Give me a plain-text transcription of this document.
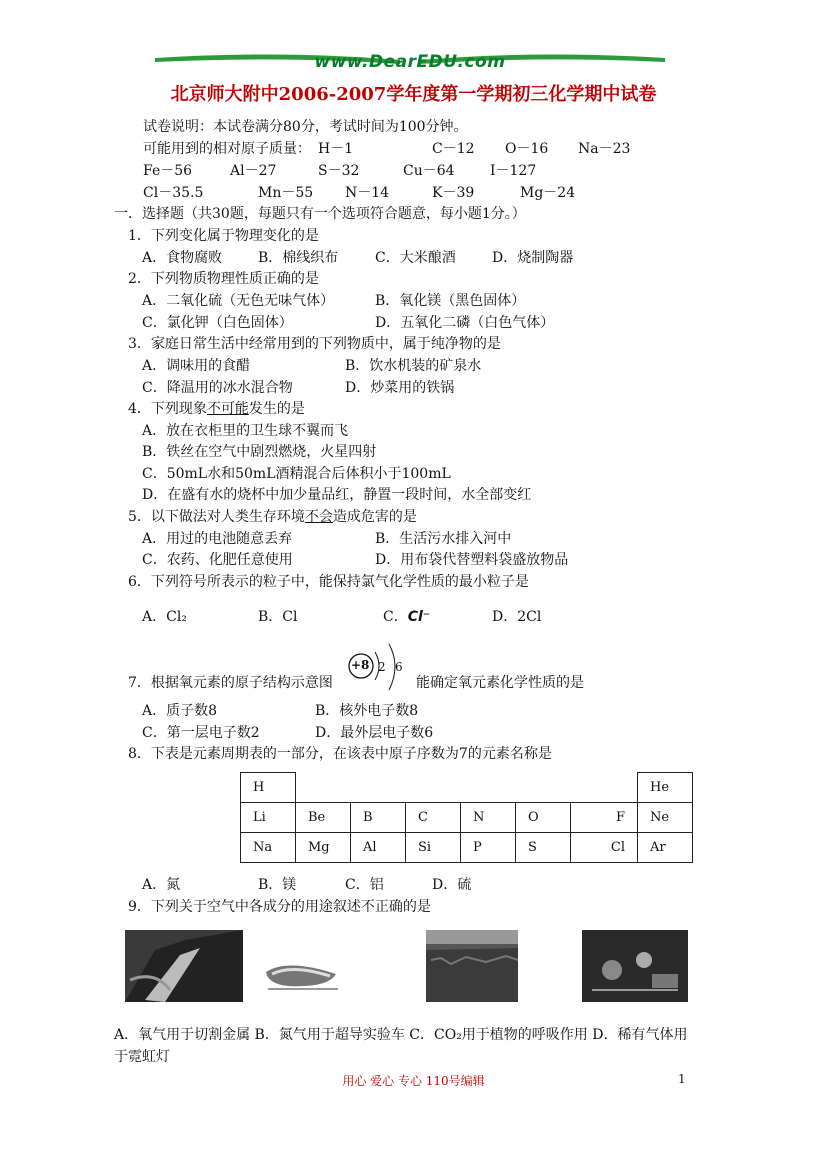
www.DearEDU.com
北京师大附中2006-2007学年度第一学期初三化学期中试卷
试卷说明：本试卷满分80分，考试时间为100分钟。
可能用到的相对原子质量： H－1	C－12 O－16 Na－23
Fe－56	Al－27	S－32	Cu－64	I－127
Cl－35.5	Mn－55 N－14	K－39	Mg－24
一．选择题（共30题，每题只有一个选项符合题意，每小题1分。）
1．下列变化属于物理变化的是
A．食物腐败	B．棉线织布	C．大米酿酒	D．烧制陶器
2．下列物质物理性质正确的是
A．二氧化硫（无色无味气体）	B．氧化镁（黑色固体）
C．氯化钾（白色固体）	D．五氧化二磷（白色气体）
3．家庭日常生活中经常用到的下列物质中，属于纯净物的是
A．调味用的食醋	B．饮水机装的矿泉水
C．降温用的冰水混合物	D．炒菜用的铁锅
4．下列现象不可能发生的是
A．放在衣柜里的卫生球不翼而飞
B．铁丝在空气中剧烈燃烧，火星四射
C．50mL水和50mL酒精混合后体积小于100mL
D．在盛有水的烧杯中加少量品红，静置一段时间，水全部变红
5．以下做法对人类生存环境不会造成危害的是
A．用过的电池随意丢弃	B．生活污水排入河中
C．农药、化肥任意使用	D．用布袋代替塑料袋盛放物品
6．下列符号所表示的粒子中，能保持氯气化学性质的最小粒子是
A．Cl₂	B．Cl	C．Cl⁻	D．2Cl
7．根据氧元素的原子结构示意图
+8 2 6
能确定氧元素化学性质的是
A．质子数8	B．核外电子数8
C．第一层电子数2	D．最外层电子数6
8．下表是元素周期表的一部分，在该表中原子序数为7的元素名称是
H							He
Li	Be	B	C	N	O	F	Ne
Na	Mg	Al	Si	P	S	Cl	Ar
A．氮	B．镁	C．铝	D．硫
9．下列关于空气中各成分的用途叙述不正确的是
A．氧气用于切割金属 B．氮气用于超导实验车 C．CO₂用于植物的呼吸作用 D．稀有气体用
于霓虹灯
用心 爱心 专心 110号编辑	1
